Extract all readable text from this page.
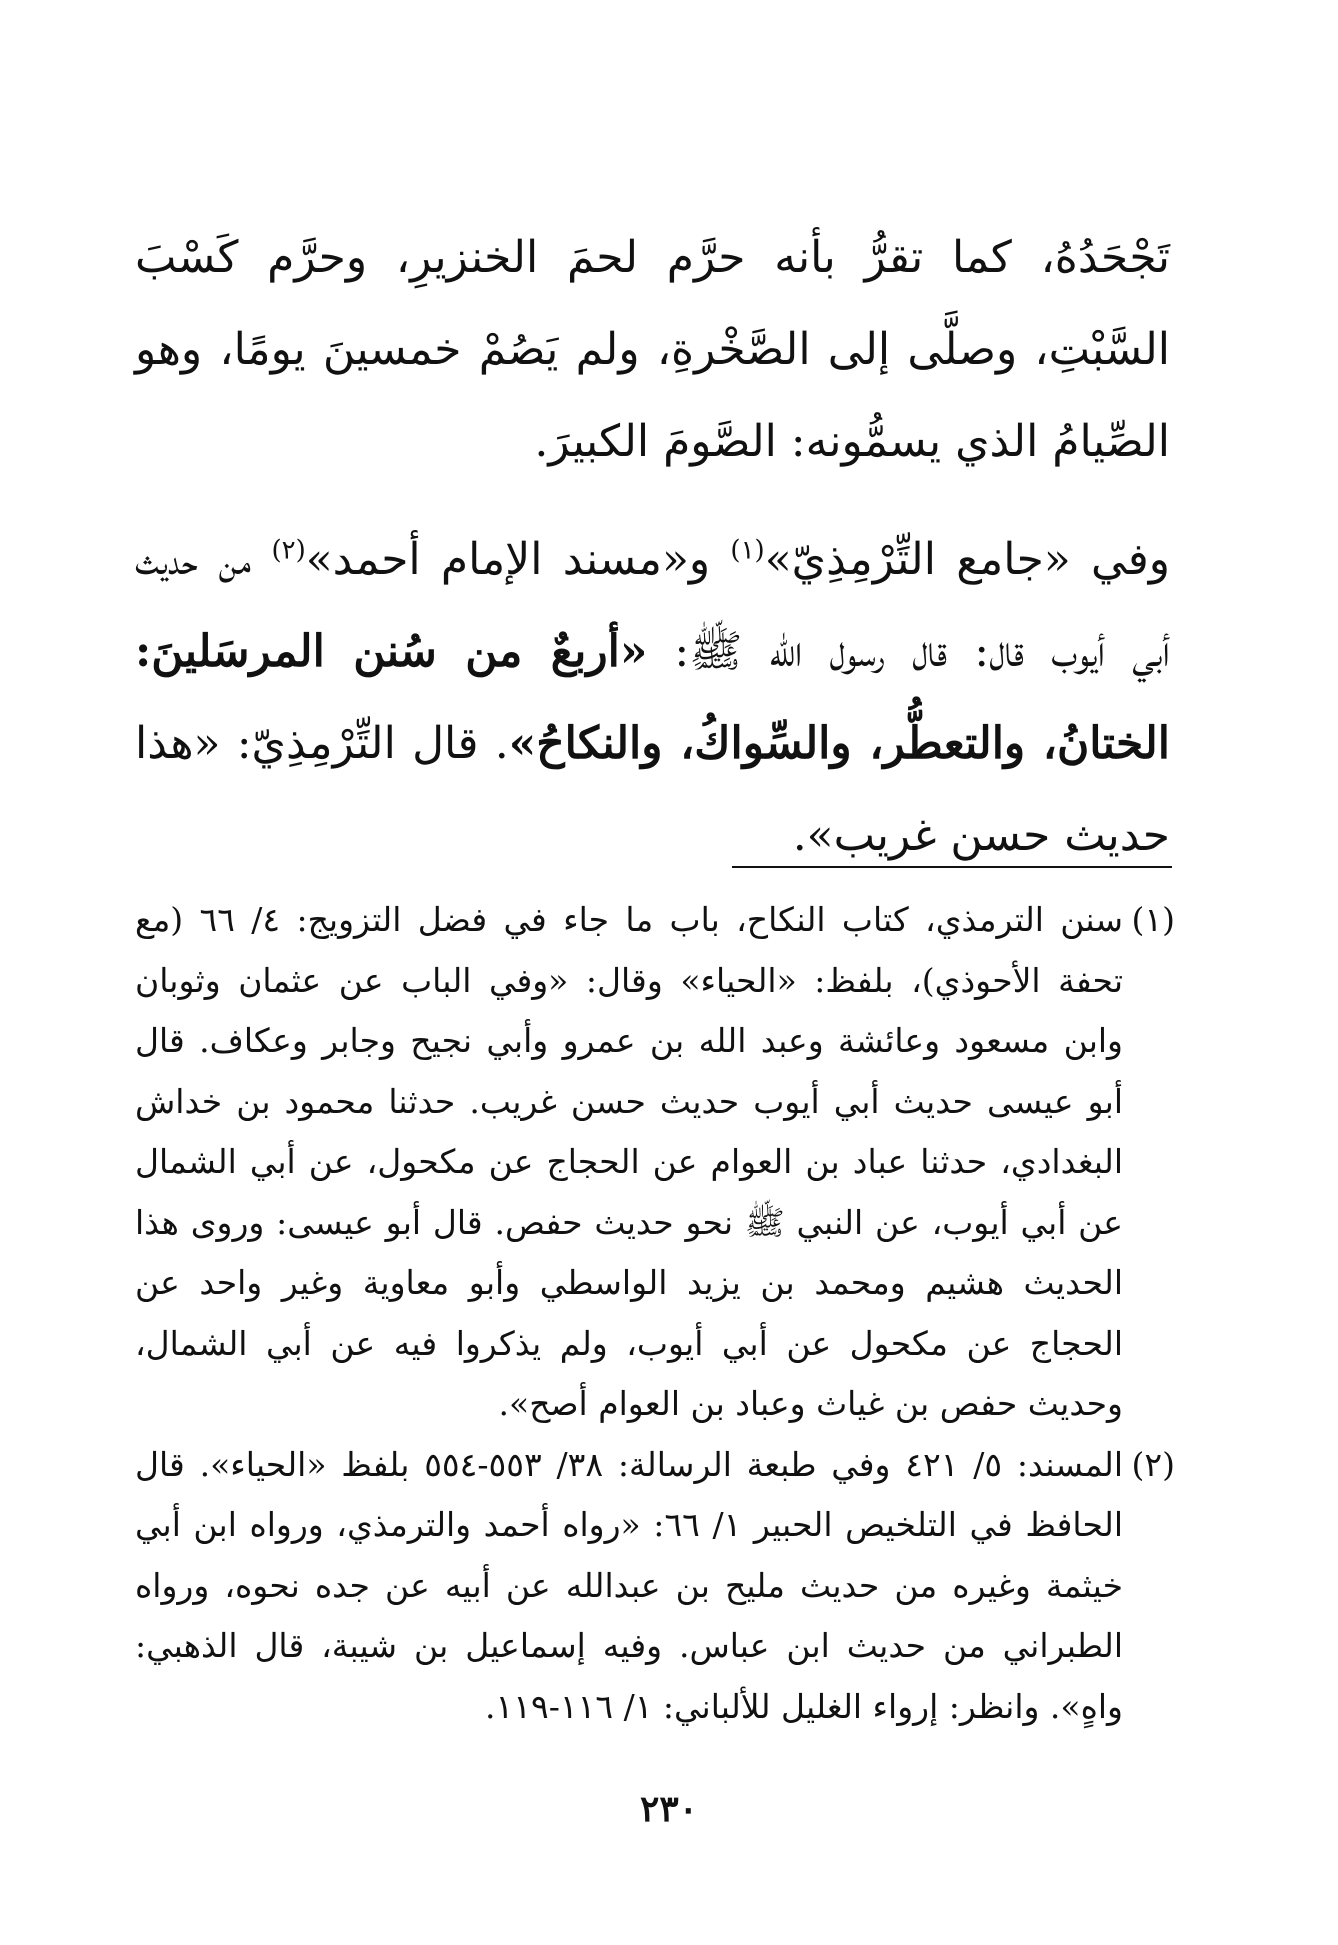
تَجْحَدُهُ، كما تقرُّ بأنه حرَّم لحمَ الخنزيرِ، وحرَّم كَسْبَ السَّبْتِ، وصلَّى إلى الصَّخْرةِ، ولم يَصُمْ خمسينَ يومًا، وهو الصِّيامُ الذي يسمُّونه: الصَّومَ الكبيرَ.

وفي «جامع التِّرْمِذِيّ»$^{(١)}$ و«مسند الإمام أحمد»$^{(٢)}$ من حديث أبي أيوب قال: قال رسول الله ﷺ: «أربعٌ من سُنن المرسَلينَ: الختانُ، والتعطُّر، والسِّواكُ، والنكاحُ». قال التِّرْمِذِيّ: «هذا حديث حسن غريب».

(١)
سنن الترمذي، كتاب النكاح، باب ما جاء في فضل التزويج: ٤/ ٦٦ (مع تحفة الأحوذي)، بلفظ: «الحياء» وقال: «وفي الباب عن عثمان وثوبان وابن مسعود وعائشة وعبد الله بن عمرو وأبي نجيح وجابر وعكاف. قال أبو عيسى حديث أبي أيوب حديث حسن غريب. حدثنا محمود بن خداش البغدادي، حدثنا عباد بن العوام عن الحجاج عن مكحول، عن أبي الشمال عن أبي أيوب، عن النبي ﷺ نحو حديث حفص. قال أبو عيسى: وروى هذا الحديث هشيم ومحمد بن يزيد الواسطي وأبو معاوية وغير واحد عن الحجاج عن مكحول عن أبي أيوب، ولم يذكروا فيه عن أبي الشمال، وحديث حفص بن غياث وعباد بن العوام أصح».

(٢)
المسند: ٥/ ٤٢١ وفي طبعة الرسالة: ٣٨/ ٥٥٣-٥٥٤ بلفظ «الحياء». قال الحافظ في التلخيص الحبير ١/ ٦٦: «رواه أحمد والترمذي، ورواه ابن أبي خيثمة وغيره من حديث مليح بن عبدالله عن أبيه عن جده نحوه، ورواه الطبراني من حديث ابن عباس. وفيه إسماعيل بن شيبة، قال الذهبي: واهٍ». وانظر: إرواء الغليل للألباني: ١/ ١١٦-١١٩.

٢٣٠
